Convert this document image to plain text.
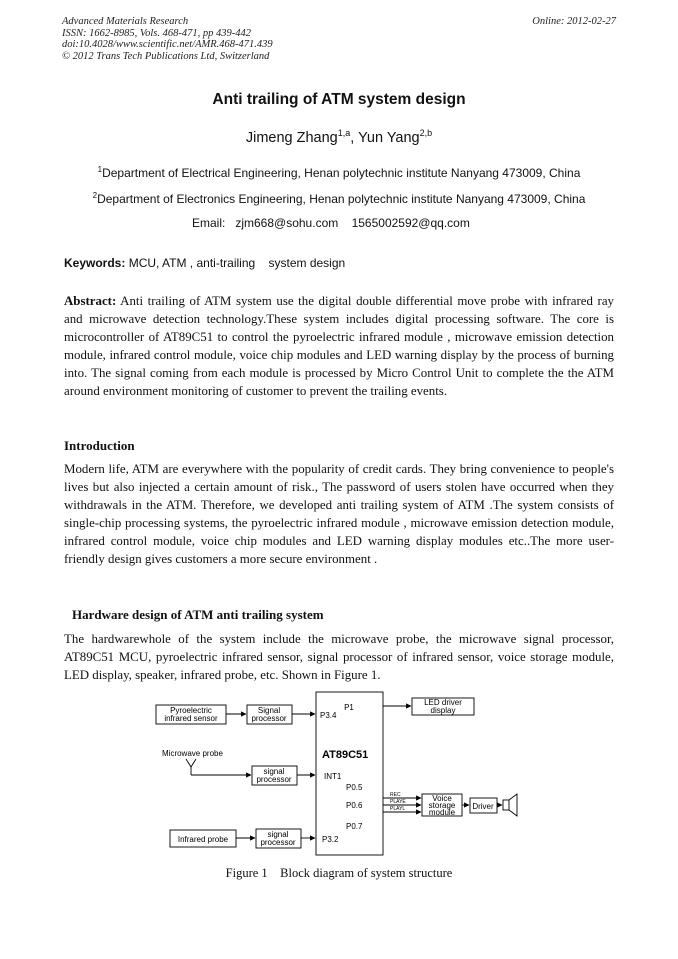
Advanced Materials Research
ISSN: 1662-8985, Vols. 468-471, pp 439-442
doi:10.4028/www.scientific.net/AMR.468-471.439
© 2012 Trans Tech Publications Ltd, Switzerland
Online: 2012-02-27
Anti trailing of ATM system design
Jimeng Zhang$^{1,a}$, Yun Yang$^{2,b}$
$^1$Department of Electrical Engineering, Henan polytechnic institute Nanyang 473009, China
$^2$Department of Electronics Engineering, Henan polytechnic institute Nanyang 473009, China
Email:   zjm668@sohu.com    1565002592@qq.com
Keywords: MCU, ATM , anti-trailing    system design
Abstract: Anti trailing of ATM system use the digital double differential move probe with infrared ray and microwave detection technology.These system includes digital processing software. The core is microcontroller of AT89C51 to control the pyroelectric infrared module , microwave emission detection module, infrared control module, voice chip modules and LED warning display by the process of burning into. The signal coming from each module is processed by Micro Control Unit to complete the the ATM around environment monitoring of customer to prevent the trailing events.
Introduction
Modern life, ATM are everywhere with the popularity of credit cards. They bring convenience to people's lives but also injected a certain amount of risk., The password of users stolen have occurred when they withdrawals in the ATM. Therefore, we developed anti trailing system of ATM .The system consists of single-chip processing systems, the pyroelectric infrared module , microwave emission detection module, infrared control module, voice chip modules and LED warning display modules etc..The more user-friendly design gives customers a more secure environment .
Hardware design of ATM anti trailing system
The hardwarewhole of the system include the microwave probe, the microwave signal processor, AT89C51 MCU, pyroelectric infrared sensor, signal processor of infrared sensor, voice storage module, LED display, speaker, infrared probe, etc. Shown in Figure 1.
Pyroelectric
infrared sensor
Signal
processor	P3.4
P1
LED driver
display
AT89C51
Microwave probe
signal
processor	INT1
P0.5
P0.6
P0.7
P3.2
REC
PLAYE
PLAYL
Voice
storage
module
Driver
Infrared probe
signal
processor
Figure 1    Block diagram of system structure
